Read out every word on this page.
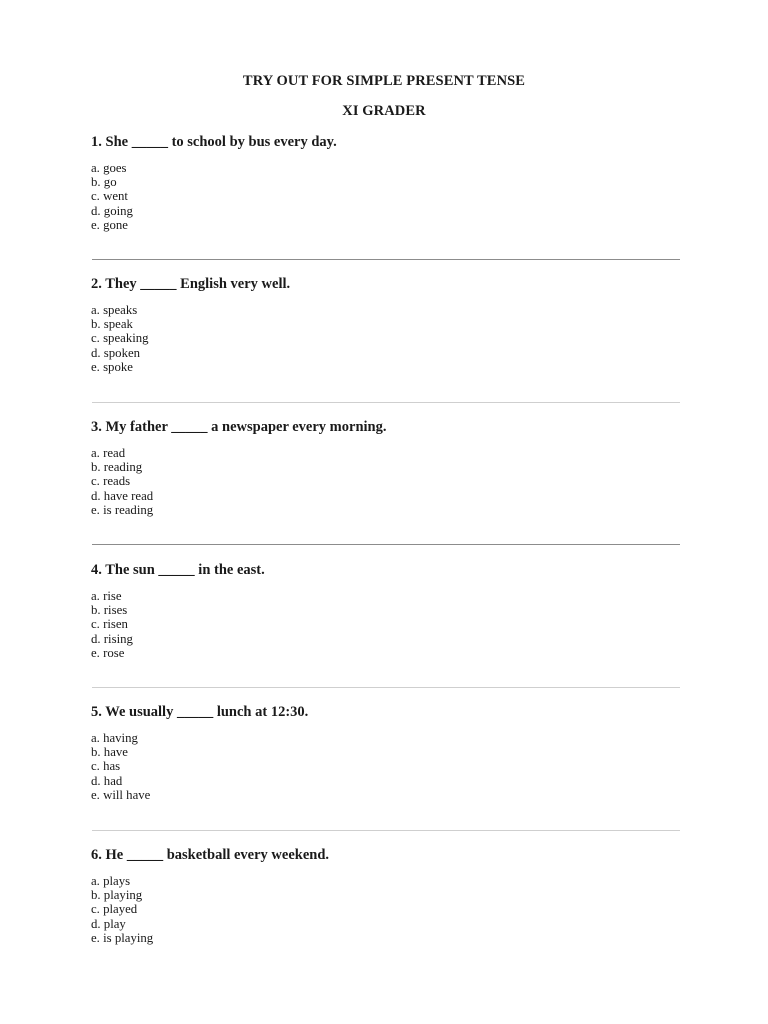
TRY OUT FOR SIMPLE PRESENT TENSE
XI GRADER

1. She _____ to school by bus every day.

a. goes
b. go
c. went
d. going
e. gone

2. They _____ English very well.

a. speaks
b. speak
c. speaking
d. spoken
e. spoke

3. My father _____ a newspaper every morning.

a. read
b. reading
c. reads
d. have read
e. is reading

4. The sun _____ in the east.

a. rise
b. rises
c. risen
d. rising
e. rose

5. We usually _____ lunch at 12:30.

a. having
b. have
c. has
d. had
e. will have

6. He _____ basketball every weekend.

a. plays
b. playing
c. played
d. play
e. is playing
